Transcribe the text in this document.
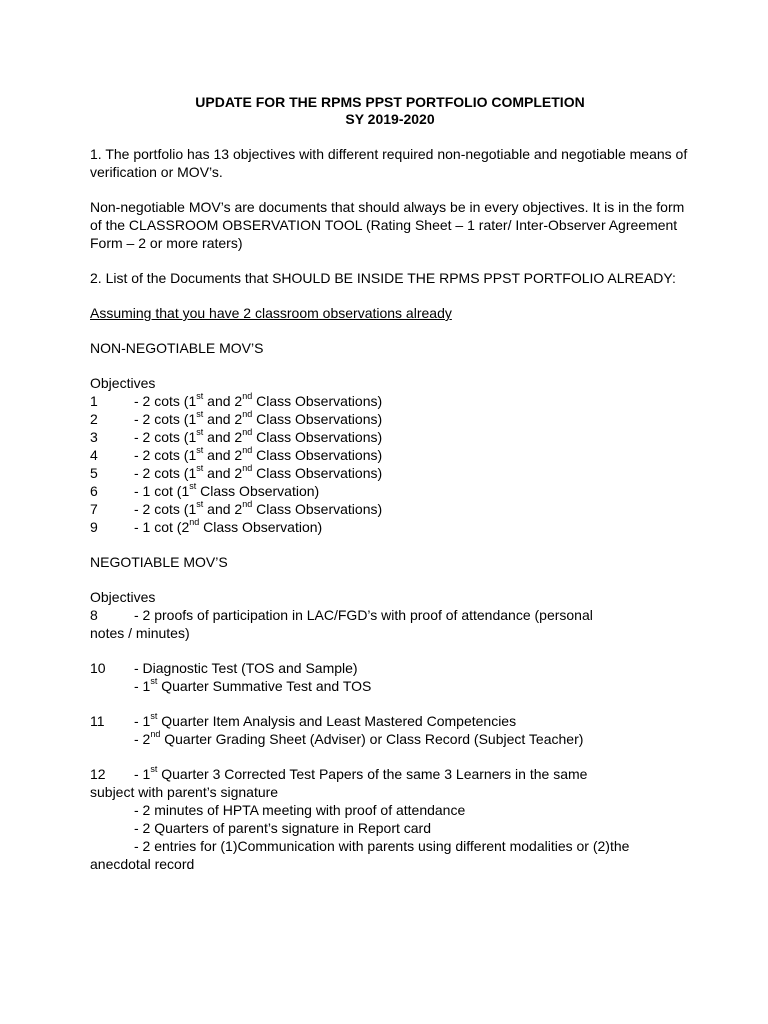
UPDATE FOR THE RPMS PPST PORTFOLIO COMPLETION

SY 2019-2020

1. The portfolio has 13 objectives with different required non-negotiable and negotiable means of verification or MOV’s.

Non-negotiable MOV’s are documents that should always be in every objectives. It is in the form of the CLASSROOM OBSERVATION TOOL (Rating Sheet – 1 rater/ Inter-Observer Agreement Form – 2 or more raters)

2. List of the Documents that SHOULD BE INSIDE THE RPMS PPST PORTFOLIO ALREADY:

Assuming that you have 2 classroom observations already

NON-NEGOTIABLE MOV’S

Objectives

1	- 2 cots (1st and 2nd Class Observations)
2	- 2 cots (1st and 2nd Class Observations)
3	- 2 cots (1st and 2nd Class Observations)
4	- 2 cots (1st and 2nd Class Observations)
5	- 2 cots (1st and 2nd Class Observations)
6	- 1 cot (1st Class Observation)
7	- 2 cots (1st and 2nd Class Observations)
9	- 1 cot (2nd Class Observation)

NEGOTIABLE MOV’S

Objectives

8	- 2 proofs of participation in LAC/FGD’s with proof of attendance (personal

notes / minutes)

10	- Diagnostic Test (TOS and Sample)
- 1st Quarter Summative Test and TOS
11	- 1st Quarter Item Analysis and Least Mastered Competencies
- 2nd Quarter Grading Sheet (Adviser) or Class Record (Subject Teacher)
12	- 1st Quarter 3 Corrected Test Papers of the same 3 Learners in the same

subject with parent’s signature

- 2 minutes of HPTA meeting with proof of attendance
- 2 Quarters of parent’s signature in Report card
- 2 entries for (1)Communication with parents using different modalities or (2)the

anecdotal record
